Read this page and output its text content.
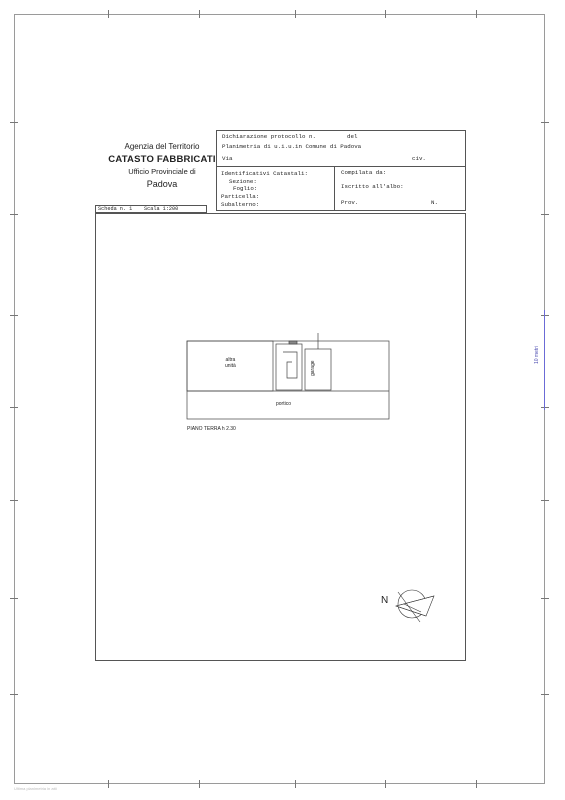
10 metri
Agenzia del Territorio
CATASTO FABBRICATI
Ufficio Provinciale di
Padova
Dichiarazione protocollo n.	del
Planimetria di u.i.u.in Comune di Padova
Via	civ.
Identificativi Catastali:
Sezione:
Foglio:
Particella:
Subalterno:
Compilata da:
Iscritto all'albo:
Prov.	N.
Scheda n. 1 Scala 1:200
altra
unità	garage
portico
PIANO TERRA h 2.30
N
Ultima planimetria in atti
